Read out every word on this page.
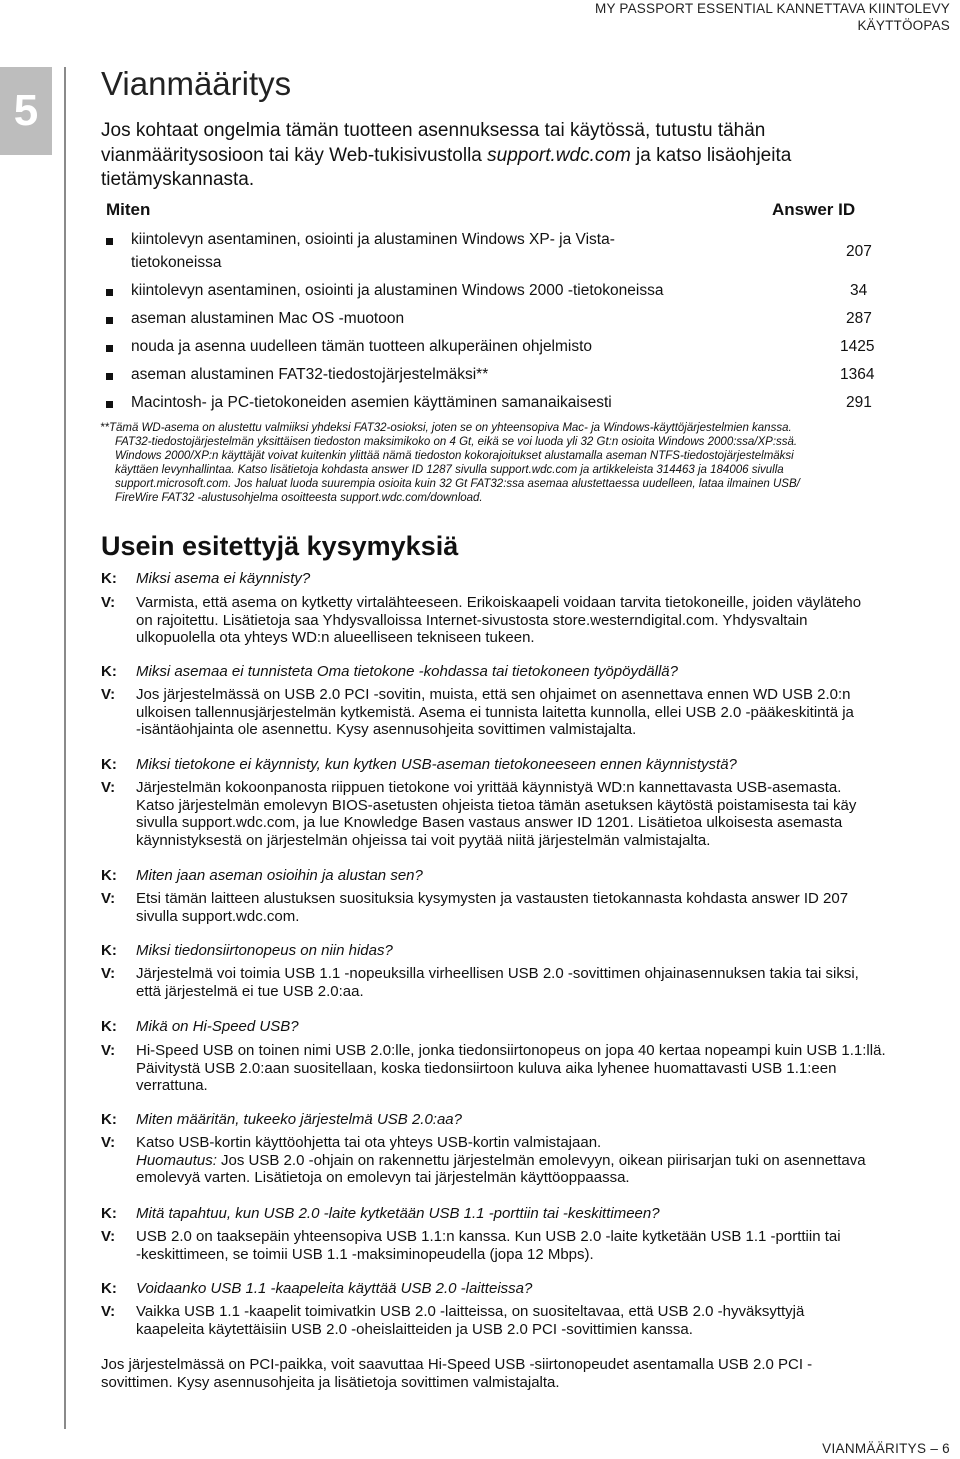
MY PASSPORT ESSENTIAL KANNETTAVA KIINTOLEVY
KÄYTTÖOPAS
5
Vianmääritys

Jos kohtaat ongelmia tämän tuotteen asennuksessa tai käytössä, tutustu tähän vianmääritysosioon tai käy Web-tukisivustolla support.wdc.com ja katso lisäohjeita tietämyskannasta.

Miten	Answer ID
kiintolevyn asentaminen, osiointi ja alustaminen Windows XP- ja Vista-
tietokoneissa
207
kiintolevyn asentaminen, osiointi ja alustaminen Windows 2000 -tietokoneissa	34
aseman alustaminen Mac OS -muotoon	287
nouda ja asenna uudelleen tämän tuotteen alkuperäinen ohjelmisto	1425
aseman alustaminen FAT32-tiedostojärjestelmäksi**	1364
Macintosh- ja PC-tietokoneiden asemien käyttäminen samanaikaisesti	291
**Tämä WD-asema on alustettu valmiiksi yhdeksi FAT32-osioksi, joten se on yhteensopiva Mac- ja Windows-käyttöjärjestelmien kanssa.
FAT32-tiedostojärjestelmän yksittäisen tiedoston maksimikoko on 4 Gt, eikä se voi luoda yli 32 Gt:n osioita Windows 2000:ssa/XP:ssä.
Windows 2000/XP:n käyttäjät voivat kuitenkin ylittää nämä tiedoston kokorajoitukset alustamalla aseman NTFS-tiedostojärjestelmäksi
käyttäen levynhallintaa. Katso lisätietoja kohdasta answer ID 1287 sivulla support.wdc.com ja artikkeleista 314463 ja 184006 sivulla
support.microsoft.com. Jos haluat luoda suurempia osioita kuin 32 Gt FAT32:ssa asemaa alustettaessa uudelleen, lataa ilmainen USB/
FireWire FAT32 -alustusohjelma osoitteesta support.wdc.com/download.
Usein esitettyjä kysymyksiä
K: Miksi asema ei käynnisty?
V: Varmista, että asema on kytketty virtalähteeseen. Erikoiskaapeli voidaan tarvita tietokoneille, joiden väyläteho
on rajoitettu. Lisätietoja saa Yhdysvalloissa Internet-sivustosta store.westerndigital.com. Yhdysvaltain
ulkopuolella ota yhteys WD:n alueelliseen tekniseen tukeen.
K: Miksi asemaa ei tunnisteta Oma tietokone -kohdassa tai tietokoneen työpöydällä?
V: Jos järjestelmässä on USB 2.0 PCI -sovitin, muista, että sen ohjaimet on asennettava ennen WD USB 2.0:n
ulkoisen tallennusjärjestelmän kytkemistä. Asema ei tunnista laitetta kunnolla, ellei USB 2.0 -pääkeskitintä ja
-isäntäohjainta ole asennettu. Kysy asennusohjeita sovittimen valmistajalta.
K: Miksi tietokone ei käynnisty, kun kytken USB-aseman tietokoneeseen ennen käynnistystä?
V: Järjestelmän kokoonpanosta riippuen tietokone voi yrittää käynnistyä WD:n kannettavasta USB-asemasta.
Katso järjestelmän emolevyn BIOS-asetusten ohjeista tietoa tämän asetuksen käytöstä poistamisesta tai käy
sivulla support.wdc.com, ja lue Knowledge Basen vastaus answer ID 1201. Lisätietoa ulkoisesta asemasta
käynnistyksestä on järjestelmän ohjeissa tai voit pyytää niitä järjestelmän valmistajalta.
K: Miten jaan aseman osioihin ja alustan sen?
V: Etsi tämän laitteen alustuksen suosituksia kysymysten ja vastausten tietokannasta kohdasta answer ID 207
sivulla support.wdc.com.
K: Miksi tiedonsiirtonopeus on niin hidas?
V: Järjestelmä voi toimia USB 1.1 -nopeuksilla virheellisen USB 2.0 -sovittimen ohjainasennuksen takia tai siksi,
että järjestelmä ei tue USB 2.0:aa.
K: Mikä on Hi-Speed USB?
V: Hi-Speed USB on toinen nimi USB 2.0:lle, jonka tiedonsiirtonopeus on jopa 40 kertaa nopeampi kuin USB 1.1:llä.
Päivitystä USB 2.0:aan suositellaan, koska tiedonsiirtoon kuluva aika lyhenee huomattavasti USB 1.1:een
verrattuna.
K: Miten määritän, tukeeko järjestelmä USB 2.0:aa?
V: Katso USB-kortin käyttöohjetta tai ota yhteys USB-kortin valmistajaan.
Huomautus: Jos USB 2.0 -ohjain on rakennettu järjestelmän emolevyyn, oikean piirisarjan tuki on asennettava
emolevyä varten. Lisätietoja on emolevyn tai järjestelmän käyttöoppaassa.
K: Mitä tapahtuu, kun USB 2.0 -laite kytketään USB 1.1 -porttiin tai -keskittimeen?
V: USB 2.0 on taaksepäin yhteensopiva USB 1.1:n kanssa. Kun USB 2.0 -laite kytketään USB 1.1 -porttiin tai
-keskittimeen, se toimii USB 1.1 -maksiminopeudella (jopa 12 Mbps).
K: Voidaanko USB 1.1 -kaapeleita käyttää USB 2.0 -laitteissa?
V: Vaikka USB 1.1 -kaapelit toimivatkin USB 2.0 -laitteissa, on suositeltavaa, että USB 2.0 -hyväksyttyjä
kaapeleita käytettäisiin USB 2.0 -oheislaitteiden ja USB 2.0 PCI -sovittimien kanssa.
Jos järjestelmässä on PCI-paikka, voit saavuttaa Hi-Speed USB -siirtonopeudet asentamalla USB 2.0 PCI -
sovittimen. Kysy asennusohjeita ja lisätietoja sovittimen valmistajalta.
VIANMÄÄRITYS – 6
